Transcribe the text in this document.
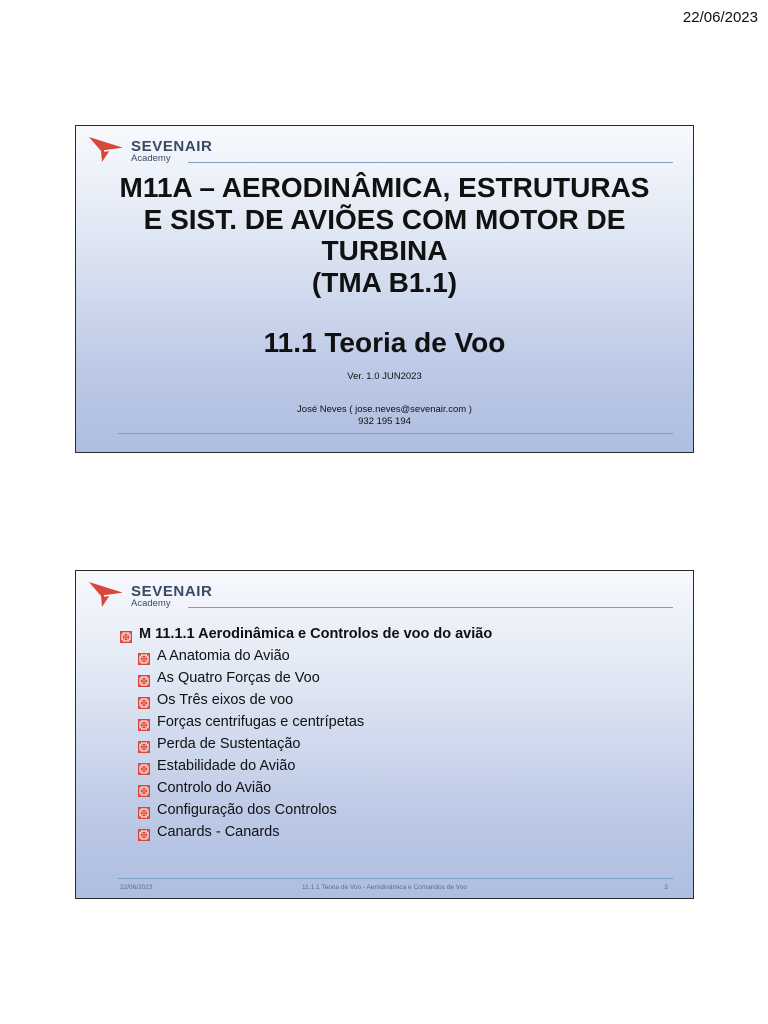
22/06/2023
SEVENAIR
Academy
M11A – AERODINÂMICA, ESTRUTURAS
E SIST. DE AVIÕES COM MOTOR DE
TURBINA
(TMA B1.1)
11.1 Teoria de Voo
Ver. 1.0 JUN2023
José Neves ( jose.neves@sevenair.com )
932 195 194
SEVENAIR
Academy
M 11.1.1 Aerodinâmica e Controlos de voo do avião
A Anatomia do Avião
As Quatro Forças de Voo
Os Três eixos de voo
Forças centrifugas e centrípetas
Perda de Sustentação
Estabilidade do Avião
Controlo do Avião
Configuração dos Controlos
Canards - Canards
22/06/2023	11.1.1 Teoria de Voo - Aerodinâmica e Comandos de Voo	2
